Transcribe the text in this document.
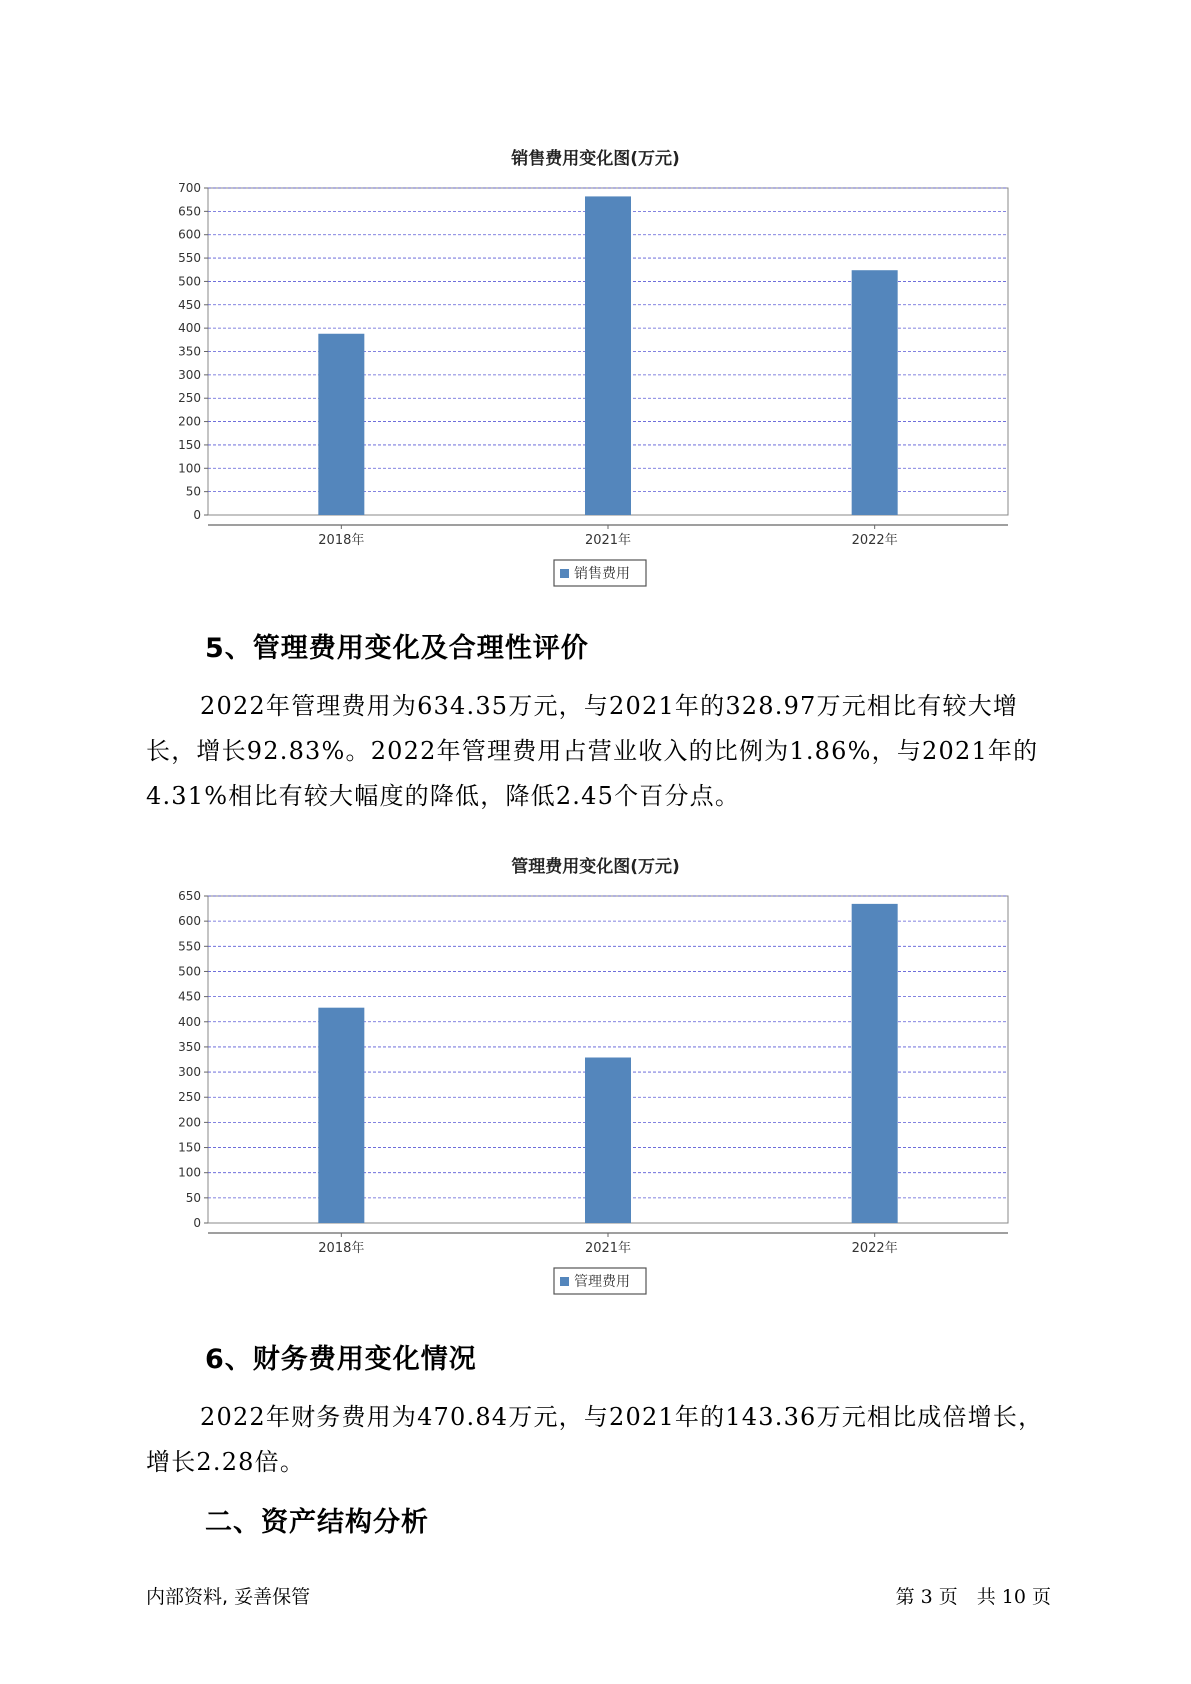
销售费用变化图(万元)
0
50
100
150
200
250
300
350
400
450
500
550
600
650
700
2018年	2021年	2022年
销售费用
5、管理费用变化及合理性评价
2022年管理费用为634.35万元，与2021年的328.97万元相比有较大增长，增长92.83%。2022年管理费用占营业收入的比例为1.86%，与2021年的4.31%相比有较大幅度的降低，降低2.45个百分点。
管理费用变化图(万元)
0
50
100
150
200
250
300
350
400
450
500
550
600
650
2018年	2021年	2022年
管理费用
6、财务费用变化情况
2022年财务费用为470.84万元，与2021年的143.36万元相比成倍增长，增长2.28倍。
二、资产结构分析
内部资料, 妥善保管	第 3 页　共 10 页
